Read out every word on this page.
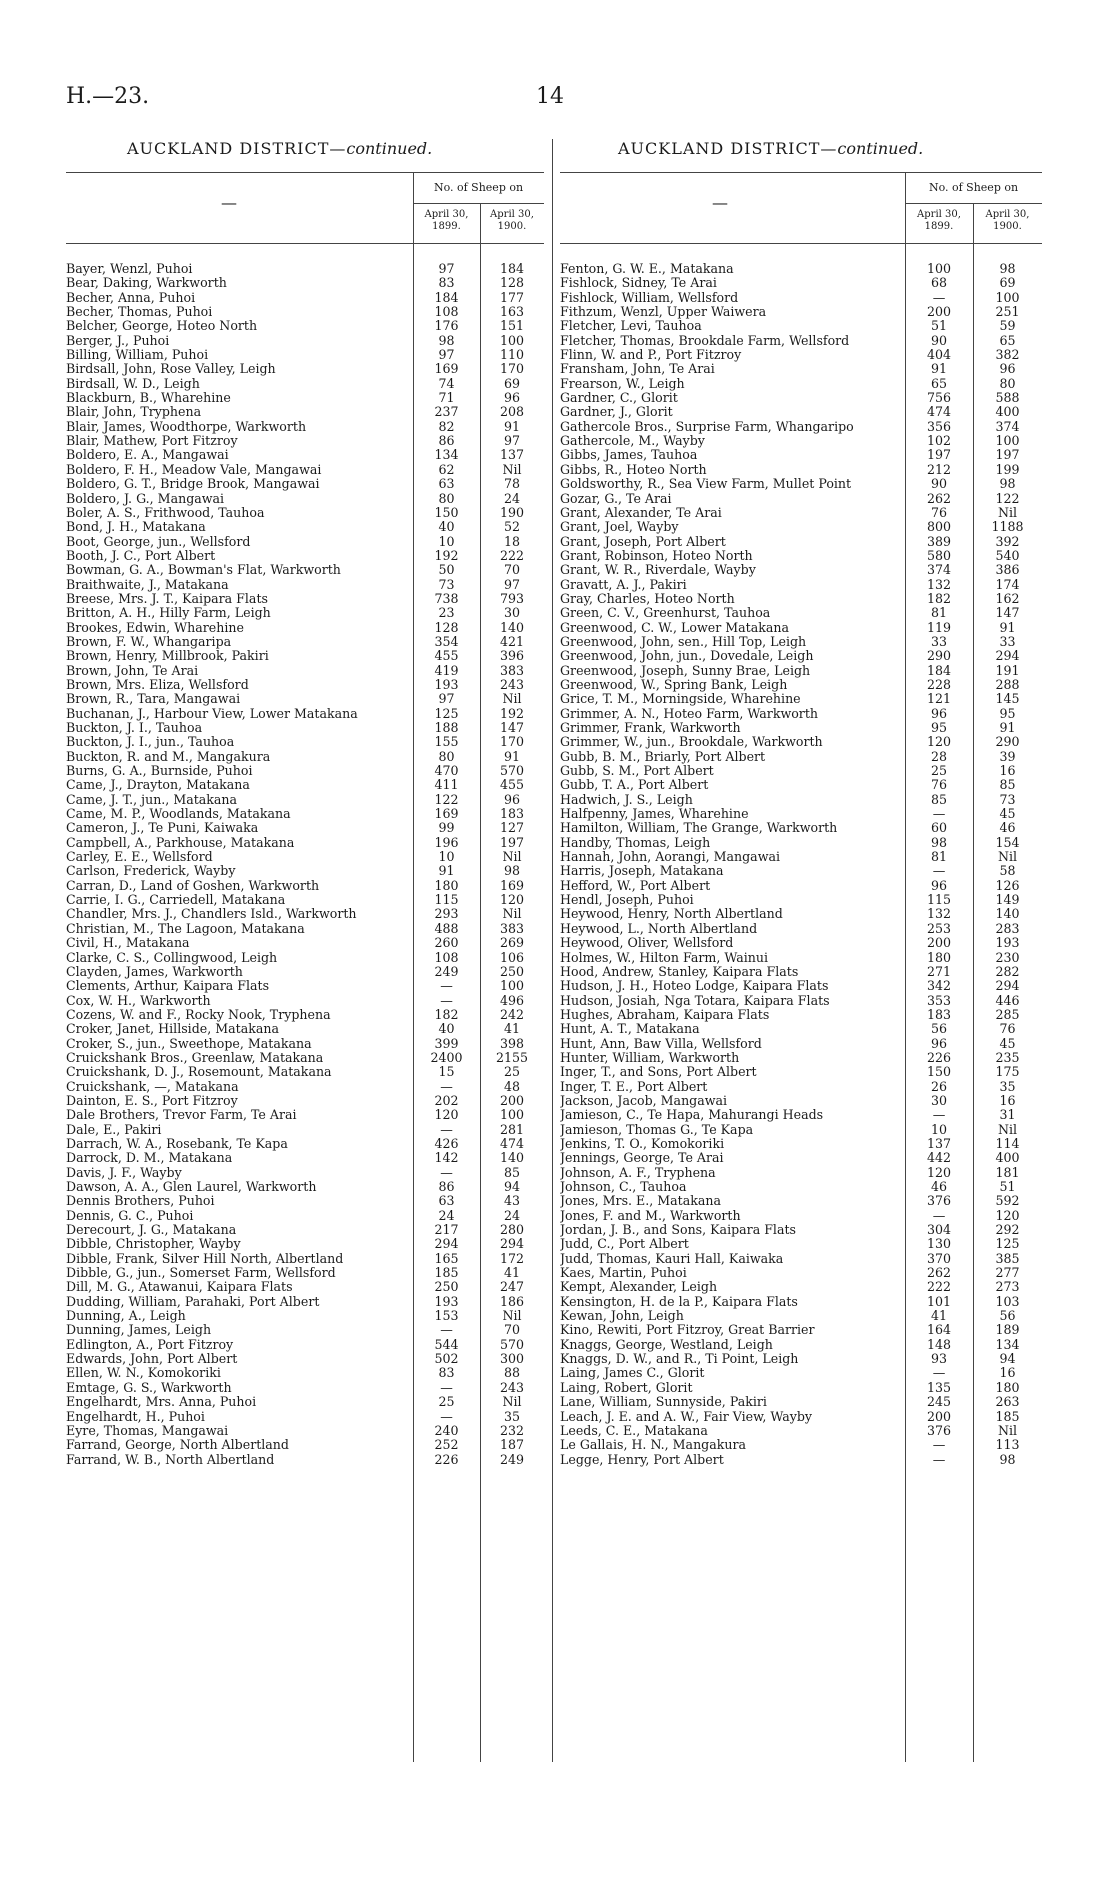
H.—23.	14
AUCKLAND DISTRICT—continued.	AUCKLAND DISTRICT—continued.
—
No. of Sheep on
April 30, 1899.
April 30, 1900.
Bayer, Wenzl, Puhoi	97	184
Bear, Daking, Warkworth	83	128
Becher, Anna, Puhoi	184	177
Becher, Thomas, Puhoi	108	163
Belcher, George, Hoteo North	176	151
Berger, J., Puhoi	98	100
Billing, William, Puhoi	97	110
Birdsall, John, Rose Valley, Leigh	169	170
Birdsall, W. D., Leigh	74	69
Blackburn, B., Wharehine	71	96
Blair, John, Tryphena	237	208
Blair, James, Woodthorpe, Warkworth	82	91
Blair, Mathew, Port Fitzroy	86	97
Boldero, E. A., Mangawai	134	137
Boldero, F. H., Meadow Vale, Mangawai	62	Nil
Boldero, G. T., Bridge Brook, Mangawai	63	78
Boldero, J. G., Mangawai	80	24
Boler, A. S., Frithwood, Tauhoa	150	190
Bond, J. H., Matakana	40	52
Boot, George, jun., Wellsford	10	18
Booth, J. C., Port Albert	192	222
Bowman, G. A., Bowman's Flat, Warkworth	50	70
Braithwaite, J., Matakana	73	97
Breese, Mrs. J. T., Kaipara Flats	738	793
Britton, A. H., Hilly Farm, Leigh	23	30
Brookes, Edwin, Wharehine	128	140
Brown, F. W., Whangaripa	354	421
Brown, Henry, Millbrook, Pakiri	455	396
Brown, John, Te Arai	419	383
Brown, Mrs. Eliza, Wellsford	193	243
Brown, R., Tara, Mangawai	97	Nil
Buchanan, J., Harbour View, Lower Matakana	125	192
Buckton, J. I., Tauhoa	188	147
Buckton, J. I., jun., Tauhoa	155	170
Buckton, R. and M., Mangakura	80	91
Burns, G. A., Burnside, Puhoi	470	570
Came, J., Drayton, Matakana	411	455
Came, J. T., jun., Matakana	122	96
Came, M. P., Woodlands, Matakana	169	183
Cameron, J., Te Puni, Kaiwaka	99	127
Campbell, A., Parkhouse, Matakana	196	197
Carley, E. E., Wellsford	10	Nil
Carlson, Frederick, Wayby	91	98
Carran, D., Land of Goshen, Warkworth	180	169
Carrie, I. G., Carriedell, Matakana	115	120
Chandler, Mrs. J., Chandlers Isld., Warkworth	293	Nil
Christian, M., The Lagoon, Matakana	488	383
Civil, H., Matakana	260	269
Clarke, C. S., Collingwood, Leigh	108	106
Clayden, James, Warkworth	249	250
Clements, Arthur, Kaipara Flats	—	100
Cox, W. H., Warkworth	—	496
Cozens, W. and F., Rocky Nook, Tryphena	182	242
Croker, Janet, Hillside, Matakana	40	41
Croker, S., jun., Sweethope, Matakana	399	398
Cruickshank Bros., Greenlaw, Matakana	2400	2155
Cruickshank, D. J., Rosemount, Matakana	15	25
Cruickshank, —, Matakana	—	48
Dainton, E. S., Port Fitzroy	202	200
Dale Brothers, Trevor Farm, Te Arai	120	100
Dale, E., Pakiri	—	281
Darrach, W. A., Rosebank, Te Kapa	426	474
Darrock, D. M., Matakana	142	140
Davis, J. F., Wayby	—	85
Dawson, A. A., Glen Laurel, Warkworth	86	94
Dennis Brothers, Puhoi	63	43
Dennis, G. C., Puhoi	24	24
Derecourt, J. G., Matakana	217	280
Dibble, Christopher, Wayby	294	294
Dibble, Frank, Silver Hill North, Albertland	165	172
Dibble, G., jun., Somerset Farm, Wellsford	185	41
Dill, M. G., Atawanui, Kaipara Flats	250	247
Dudding, William, Parahaki, Port Albert	193	186
Dunning, A., Leigh	153	Nil
Dunning, James, Leigh	—	70
Edlington, A., Port Fitzroy	544	570
Edwards, John, Port Albert	502	300
Ellen, W. N., Komokoriki	83	88
Emtage, G. S., Warkworth	—	243
Engelhardt, Mrs. Anna, Puhoi	25	Nil
Engelhardt, H., Puhoi	—	35
Eyre, Thomas, Mangawai	240	232
Farrand, George, North Albertland	252	187
Farrand, W. B., North Albertland	226	249
—
No. of Sheep on
April 30, 1899.
April 30, 1900.
Fenton, G. W. E., Matakana	100	98
Fishlock, Sidney, Te Arai	68	69
Fishlock, William, Wellsford	—	100
Fithzum, Wenzl, Upper Waiwera	200	251
Fletcher, Levi, Tauhoa	51	59
Fletcher, Thomas, Brookdale Farm, Wellsford	90	65
Flinn, W. and P., Port Fitzroy	404	382
Fransham, John, Te Arai	91	96
Frearson, W., Leigh	65	80
Gardner, C., Glorit	756	588
Gardner, J., Glorit	474	400
Gathercole Bros., Surprise Farm, Whangaripo	356	374
Gathercole, M., Wayby	102	100
Gibbs, James, Tauhoa	197	197
Gibbs, R., Hoteo North	212	199
Goldsworthy, R., Sea View Farm, Mullet Point	90	98
Gozar, G., Te Arai	262	122
Grant, Alexander, Te Arai	76	Nil
Grant, Joel, Wayby	800	1188
Grant, Joseph, Port Albert	389	392
Grant, Robinson, Hoteo North	580	540
Grant, W. R., Riverdale, Wayby	374	386
Gravatt, A. J., Pakiri	132	174
Gray, Charles, Hoteo North	182	162
Green, C. V., Greenhurst, Tauhoa	81	147
Greenwood, C. W., Lower Matakana	119	91
Greenwood, John, sen., Hill Top, Leigh	33	33
Greenwood, John, jun., Dovedale, Leigh	290	294
Greenwood, Joseph, Sunny Brae, Leigh	184	191
Greenwood, W., Spring Bank, Leigh	228	288
Grice, T. M., Morningside, Wharehine	121	145
Grimmer, A. N., Hoteo Farm, Warkworth	96	95
Grimmer, Frank, Warkworth	95	91
Grimmer, W., jun., Brookdale, Warkworth	120	290
Gubb, B. M., Briarly, Port Albert	28	39
Gubb, S. M., Port Albert	25	16
Gubb, T. A., Port Albert	76	85
Hadwich, J. S., Leigh	85	73
Halfpenny, James, Wharehine	—	45
Hamilton, William, The Grange, Warkworth	60	46
Handby, Thomas, Leigh	98	154
Hannah, John, Aorangi, Mangawai	81	Nil
Harris, Joseph, Matakana	—	58
Hefford, W., Port Albert	96	126
Hendl, Joseph, Puhoi	115	149
Heywood, Henry, North Albertland	132	140
Heywood, L., North Albertland	253	283
Heywood, Oliver, Wellsford	200	193
Holmes, W., Hilton Farm, Wainui	180	230
Hood, Andrew, Stanley, Kaipara Flats	271	282
Hudson, J. H., Hoteo Lodge, Kaipara Flats	342	294
Hudson, Josiah, Nga Totara, Kaipara Flats	353	446
Hughes, Abraham, Kaipara Flats	183	285
Hunt, A. T., Matakana	56	76
Hunt, Ann, Baw Villa, Wellsford	96	45
Hunter, William, Warkworth	226	235
Inger, T., and Sons, Port Albert	150	175
Inger, T. E., Port Albert	26	35
Jackson, Jacob, Mangawai	30	16
Jamieson, C., Te Hapa, Mahurangi Heads	—	31
Jamieson, Thomas G., Te Kapa	10	Nil
Jenkins, T. O., Komokoriki	137	114
Jennings, George, Te Arai	442	400
Johnson, A. F., Tryphena	120	181
Johnson, C., Tauhoa	46	51
Jones, Mrs. E., Matakana	376	592
Jones, F. and M., Warkworth	—	120
Jordan, J. B., and Sons, Kaipara Flats	304	292
Judd, C., Port Albert	130	125
Judd, Thomas, Kauri Hall, Kaiwaka	370	385
Kaes, Martin, Puhoi	262	277
Kempt, Alexander, Leigh	222	273
Kensington, H. de la P., Kaipara Flats	101	103
Kewan, John, Leigh	41	56
Kino, Rewiti, Port Fitzroy, Great Barrier	164	189
Knaggs, George, Westland, Leigh	148	134
Knaggs, D. W., and R., Ti Point, Leigh	93	94
Laing, James C., Glorit	—	16
Laing, Robert, Glorit	135	180
Lane, William, Sunnyside, Pakiri	245	263
Leach, J. E. and A. W., Fair View, Wayby	200	185
Leeds, C. E., Matakana	376	Nil
Le Gallais, H. N., Mangakura	—	113
Legge, Henry, Port Albert	—	98
